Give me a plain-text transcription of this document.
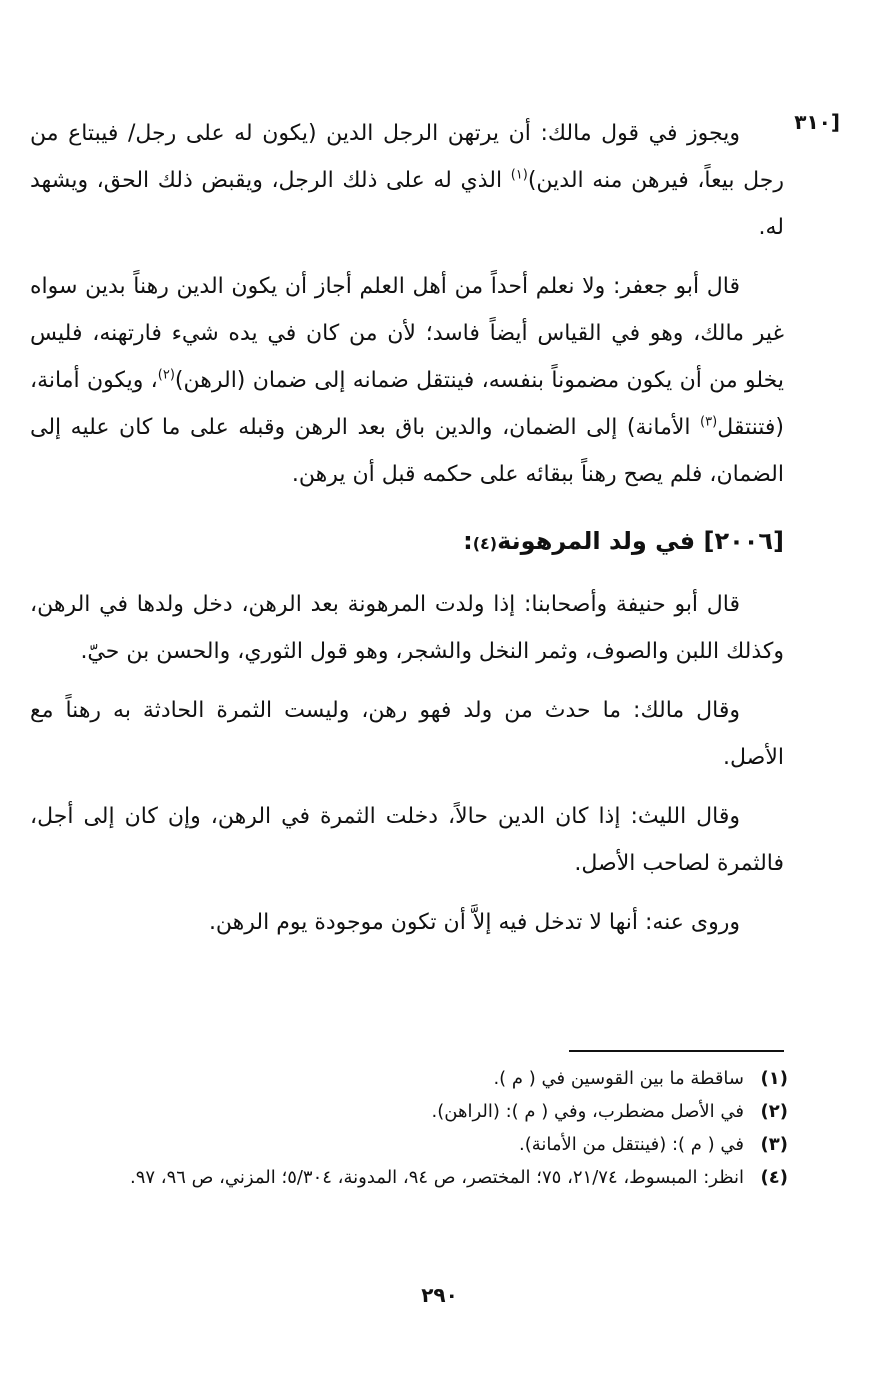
[٣١٠

ويجوز في قول مالك: أن يرتهن الرجل الدين (يكون له على رجل/ فيبتاع من رجل بيعاً، فيرهن منه الدين)$^{(١)}$ الذي له على ذلك الرجل، ويقبض ذلك الحق، ويشهد له.

قال أبو جعفر: ولا نعلم أحداً من أهل العلم أجاز أن يكون الدين رهناً بدين سواه غير مالك، وهو في القياس أيضاً فاسد؛ لأن من كان في يده شيء فارتهنه، فليس يخلو من أن يكون مضموناً بنفسه، فينتقل ضمانه إلى ضمان (الرهن)$^{(٢)}$، ويكون أمانة، (فتنتقل$^{(٣)}$ الأمانة) إلى الضمان، والدين باق بعد الرهن وقبله على ما كان عليه إلى الضمان، فلم يصح رهناً ببقائه على حكمه قبل أن يرهن.

[٢٠٠٦] في ولد المرهونة(٤):

قال أبو حنيفة وأصحابنا: إذا ولدت المرهونة بعد الرهن، دخل ولدها في الرهن، وكذلك اللبن والصوف، وثمر النخل والشجر، وهو قول الثوري، والحسن بن حيّ.

وقال مالك: ما حدث من ولد فهو رهن، وليست الثمرة الحادثة به رهناً مع الأصل.

وقال الليث: إذا كان الدين حالاً، دخلت الثمرة في الرهن، وإن كان إلى أجل، فالثمرة لصاحب الأصل.

وروى عنه: أنها لا تدخل فيه إلاَّ أن تكون موجودة يوم الرهن.

(١)
ساقطة ما بين القوسين في ( م ).
(٢)
في الأصل مضطرب، وفي ( م ): (الراهن).
(٣)
في ( م ): (فينتقل من الأمانة).
(٤)
انظر: المبسوط، ٢١/٧٤، ٧٥؛ المختصر، ص ٩٤، المدونة، ٥/٣٠٤؛ المزني، ص ٩٦، ٩٧.
٢٩٠
